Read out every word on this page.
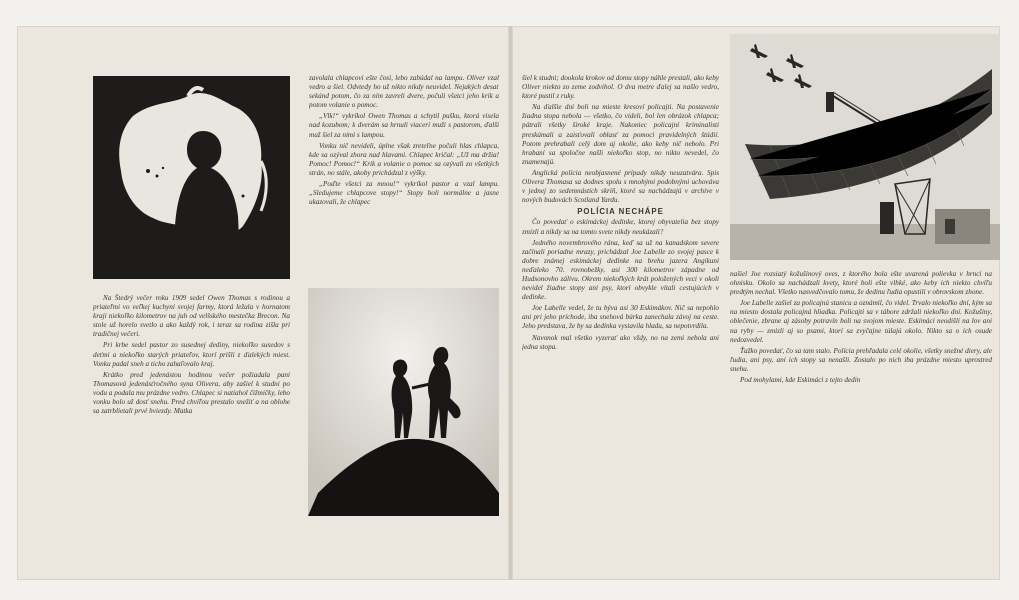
Na Štedrý večer roku 1909 sedel Owen Thomas s rodinou a priateľmi vo veľkej kuchyni svojej farmy, ktorá ležala v hornatom kraji niekoľko kilometrov na juh od velšského mestečka Brecon. Na stole už horelo svetlo a ako každý rok, i teraz sa rodina zišla pri tradičnej večeri.

Pri krbe sedel pastor zo susednej dediny, niekoľko susedov s deťmi a niekoľko starých priateľov, ktorí prišli z ďalekých miest. Vonku padal sneh a ticho zahaľovalo kraj.

Krátko pred jedenástou hodinou večer požiadala pani Thomasová jedenásťročného syna Olivera, aby zašiel k studni po vodu a podala mu prázdne vedro. Chlapec si natiahol čižmičky, lebo vonku bolo už dosť snehu. Pred chvíľou prestalo snežiť a na oblohe sa zatrblietali prvé hviezdy. Matka

zavolala chlapcovi ešte čosi, lebo zabúdal na lampu. Oliver vzal vedro a šiel. Odvtedy ho už nikto nikdy neuvidel. Nejakých desať sekúnd potom, čo za ním zavreli dvere, počuli všetci jeho krik a potom volanie o pomoc.

„Vlk!“ vykríkol Owen Thomas a schytil pušku, ktorá visela nad kozubom; k dverám sa hrnuli viacerí muži s pastorom, ďalší muž šiel za nimi s lampou.

Vonku nič nevideli, úplne však zreteľne počuli hlas chlapca, kde sa ozýval zhora nad hlavami. Chlapec kričal: „Už ma držia! Pomoc! Pomoc!“ Krik a volanie o pomoc sa ozývali zo všetkých strán, no stále, akoby prichádzal z výšky.

„Poďte všetci za mnou!“ vykríkol pastor a vzal lampu. „Sledujeme chlapcove stopy!“ Stopy boli normálne a jasne ukazovali, že chlapec

šiel k studni; dookola krokov od domu stopy náhle prestali, ako keby Oliver niekto zo zeme zodvihol. O dva metre ďalej sa našlo vedro, ktoré pustil z ruky.

Na ďalšie dni boli na mieste kresoví policajti. Na postavenie žiadna stopa nebola — všetko, čo videli, bol len obrázok chlapca; pátrali všetky široké kraje. Nakoniec policajní kriminalisti preskúmali a zaisťovali oblasť za pomoci pravidelných štúdií. Potom prehrabali celý dom aj okolie, ako keby nič nebolo. Pri hrabaní sa spoločne našli niekoľko stop, no nikto nevedel, čo znamenajú.

Anglická polícia neobjasnené prípady nikdy neuzatvára. Spis Olivera Thomasa sa dodnes spolu s mnohými podobnými uchováva v jednej zo sedemnástich skríň, ktoré sa nachádzajú v archíve v nových budovách Scotland Yardu.

POLÍCIA NECHÁPE

Čo povedať o eskimáckej dedinke, ktorej obyvatelia bez stopy zmizli a nikdy sa na tomto svete nikdy neukázali?

Jedného novembrového rána, keď sa už na kanadskom severe začínali poriadne mrazy, prichádzal Joe Labelle zo svojej pasce k dobre známej eskimáckej dedinke na brehu jazera Angikuni neďaleko 70. rovnobežky, asi 300 kilometrov západne od Hudsonovho zálivu. Okrem niekoľkých krát položených veci v okolí nevidel žiadne stopy ani psy, ktorí obvykle vítali cestujúcich v dedinke.

Joe Labelle vedel, že tu býva asi 30 Eskimákov. Nič sa nepohlo ani pri jeho príchode, iba snehová búrka zanechala závoj na ceste. Jeho predstava, že by sa dedinka vystavila hladu, sa nepotvrdila.

Navonok mal všetko vyzerať ako vždy, no na zemi nebola ani jedna stopa.

našiel Joe rozsiatý kožušinový oves, z ktorého bola ešte uvarená polievka v hrnci na ohnisku. Okolo sa nachádzali kvety, ktoré boli ešte vlhké, ako keby ich niekto chvíľu predtým nechal. Všetko nasvedčovalo tomu, že dedinu ľudia opustili v obrovskom zhone.

Joe Labelle zašiel za policajnú stanicu a oznámil, čo videl. Trvalo niekoľko dní, kým sa na miesto dostala policajná hliadka. Policajti sa v tábore zdržali niekoľko dní. Kožušiny, oblečenie, zbrane aj zásoby potravín boli na svojom mieste. Eskimáci neodišli na lov ani na ryby — zmizli aj so psami, ktorí sa zvyčajne túlajú okolo. Nikto sa o ich osude nedozvedel.

Ťažko povedať, čo sa tam stalo. Polícia prehľadala celé okolie, všetky snežné diery, ale ľudia, ani psy, ani ich stopy sa nenašli. Zostalo po nich iba prázdne miesto uprostred snehu.

Pod mohylami, kde Eskimáci z tejto dedin
